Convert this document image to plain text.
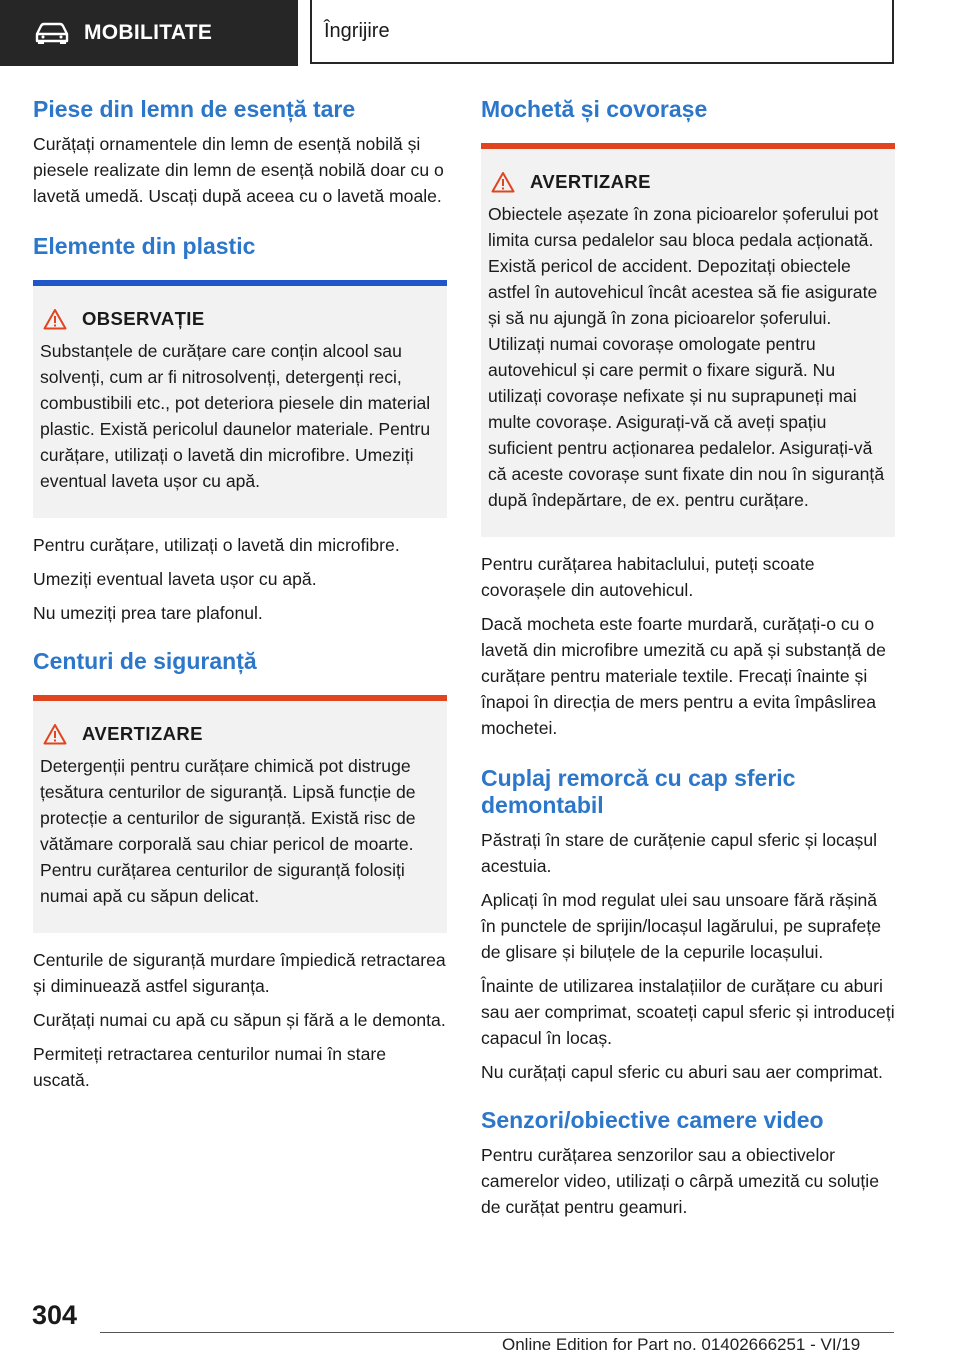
MOBILITATE	Îngrijire
Piese din lemn de esență tare

Curățați ornamentele din lemn de esență nobilă și piesele realizate din lemn de esență nobilă doar cu o lavetă umedă. Uscați după aceea cu o lavetă moale.

Elemente din plastic
OBSERVAȚIE

Substanțele de curățare care conțin alcool sau solvenți, cum ar fi nitrosolvenți, detergenți reci, combustibili etc., pot deteriora piesele din material plastic. Există pericolul daunelor materiale. Pentru curățare, utilizați o lavetă din microfibre. Umeziți eventual laveta ușor cu apă.

Pentru curățare, utilizați o lavetă din microfibre.

Umeziți eventual laveta ușor cu apă.

Nu umeziți prea tare plafonul.

Centuri de siguranță
AVERTIZARE

Detergenții pentru curățare chimică pot distruge țesătura centurilor de siguranță. Lipsă funcție de protecție a centurilor de siguranță. Există risc de vătămare corporală sau chiar pericol de moarte. Pentru curățarea centurilor de siguranță folosiți numai apă cu săpun delicat.

Centurile de siguranță murdare împiedică retractarea și diminuează astfel siguranța.

Curățați numai cu apă cu săpun și fără a le demonta.

Permiteți retractarea centurilor numai în stare uscată.

Mochetă și covorașe
AVERTIZARE

Obiectele așezate în zona picioarelor șoferului pot limita cursa pedalelor sau bloca pedala acționată. Există pericol de accident. Depozitați obiectele astfel în autovehicul încât acestea să fie asigurate și să nu ajungă în zona picioarelor șoferului. Utilizați numai covorașe omologate pentru autovehicul și care permit o fixare sigură. Nu utilizați covorașe nefixate și nu suprapuneți mai multe covorașe. Asigurați-vă că aveți spațiu suficient pentru acționarea pedalelor. Asigurați-vă că aceste covorașe sunt fixate din nou în siguranță după îndepărtare, de ex. pentru curățare.

Pentru curățarea habitaclului, puteți scoate covorașele din autovehicul.

Dacă mocheta este foarte murdară, curățați-o cu o lavetă din microfibre umezită cu apă și substanță de curățare pentru materiale textile. Frecați înainte și înapoi în direcția de mers pentru a evita împâslirea mochetei.

Cuplaj remorcă cu cap sferic demontabil

Păstrați în stare de curățenie capul sferic și locașul acestuia.

Aplicați în mod regulat ulei sau unsoare fără rășină în punctele de sprijin/locașul lagărului, pe suprafețe de glisare și biluțele de la cepurile locașului.

Înainte de utilizarea instalațiilor de curățare cu aburi sau aer comprimat, scoateți capul sferic și introduceți capacul în locaș.

Nu curățați capul sferic cu aburi sau aer comprimat.

Senzori/obiective camere video

Pentru curățarea senzorilor sau a obiectivelor camerelor video, utilizați o cârpă umezită cu soluție de curățat pentru geamuri.

304
Online Edition for Part no. 01402666251 - VI/19
